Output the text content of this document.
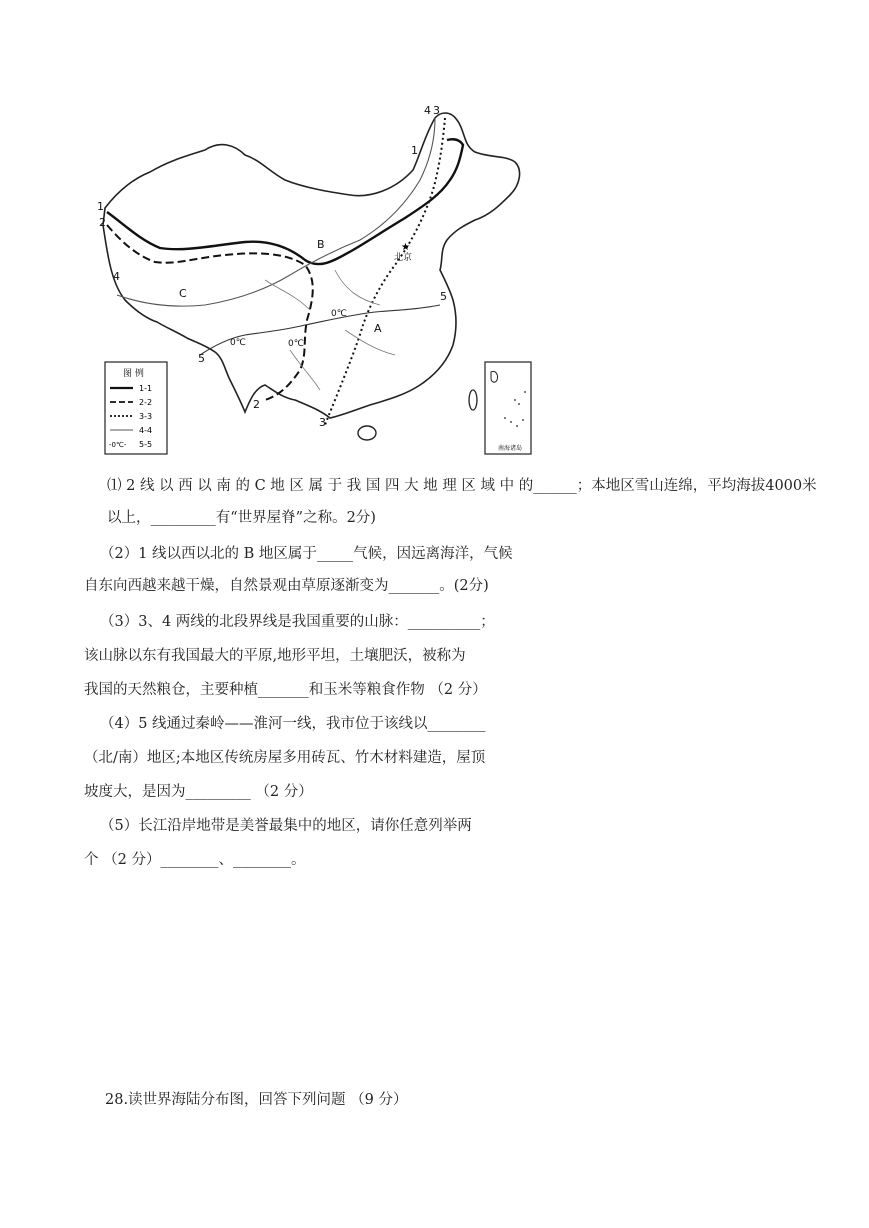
4 3
1
1
2
4
5
5
2
3
B
C
A
北京
0℃
0℃
0℃
★
图 例
1-1
2-2
3-3
4-4
-0℃- 5-5	南海诸岛
⑴ 2 线 以 西 以 南 的 C 地 区 属 于 我 国 四 大 地 理 区 域 中 的______；本地区雪山连绵，平均海拔4000米
以上，_________有“世界屋脊”之称。2分)
（2）1 线以西以北的 B 地区属于_____气候，因远离海洋，气候
自东向西越来越干燥，自然景观由草原逐渐变为_______。(2分)
（3）3、4 两线的北段界线是我国重要的山脉：__________；
该山脉以东有我国最大的平原,地形平坦，土壤肥沃，被称为
我国的天然粮仓，主要种植_______和玉米等粮食作物 （2 分）
（4）5 线通过秦岭——淮河一线，我市位于该线以________
（北/南）地区;本地区传统房屋多用砖瓦、竹木材料建造，屋顶
坡度大，是因为_________ （2 分）
（5）长江沿岸地带是美誉最集中的地区，请你任意列举两
个 （2 分）________、________。
28.读世界海陆分布图，回答下列问题 （9 分）
